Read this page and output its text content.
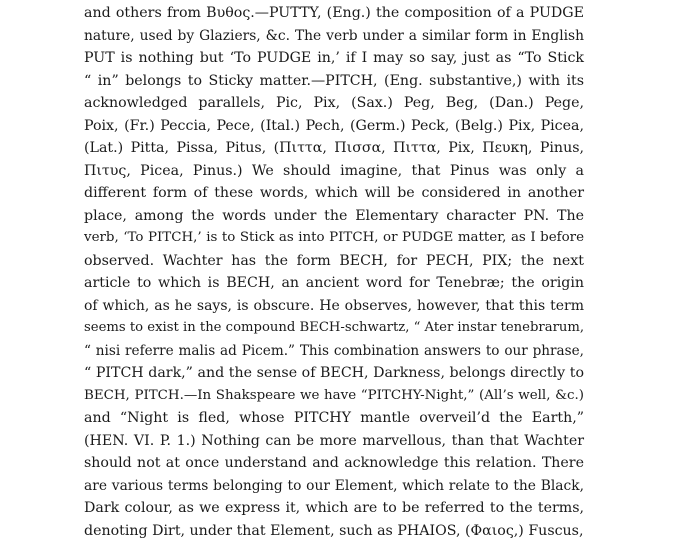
and others from Βυθος.—PUTTY, (Eng.) the composition of a PUDGE
nature, used by Glaziers, &c. The verb under a similar form in English
PUT is nothing but ‘To PUDGE in,’ if I may so say, just as “To Stick
“ in” belongs to Sticky matter.—PITCH, (Eng. substantive,) with its
acknowledged parallels, Pic, Pix, (Sax.) Peg, Beg, (Dan.) Pege,
Poix, (Fr.) Peccia, Pece, (Ital.) Pech, (Germ.) Peck, (Belg.) Pix, Picea,
(Lat.) Pitta, Pissa, Pitus, (Πιττα, Πισσα, Πιττα, Pix, Πευκη, Pinus,
Πιτυς, Picea, Pinus.) We should imagine, that Pinus was only a
different form of these words, which will be considered in another
place, among the words under the Elementary character PN. The
verb, ‘To PITCH,’ is to Stick as into PITCH, or PUDGE matter, as I before
observed. Wachter has the form BECH, for PECH, PIX; the next
article to which is BECH, an ancient word for Tenebræ; the origin
of which, as he says, is obscure. He observes, however, that this term
seems to exist in the compound BECH-schwartz, “ Ater instar tenebrarum,
“ nisi referre malis ad Picem.” This combination answers to our phrase,
“ PITCH dark,” and the sense of BECH, Darkness, belongs directly to
BECH, PITCH.—In Shakspeare we have “PITCHY-Night,” (All’s well, &c.)
and “Night is fled, whose PITCHY mantle overveil’d the Earth,”
(HEN. VI. P. 1.) Nothing can be more marvellous, than that Wachter
should not at once understand and acknowledge this relation. There
are various terms belonging to our Element, which relate to the Black,
Dark colour, as we express it, which are to be referred to the terms,
denoting Dirt, under that Element, such as PHAIOS, (Φαιος,) Fuscus,
